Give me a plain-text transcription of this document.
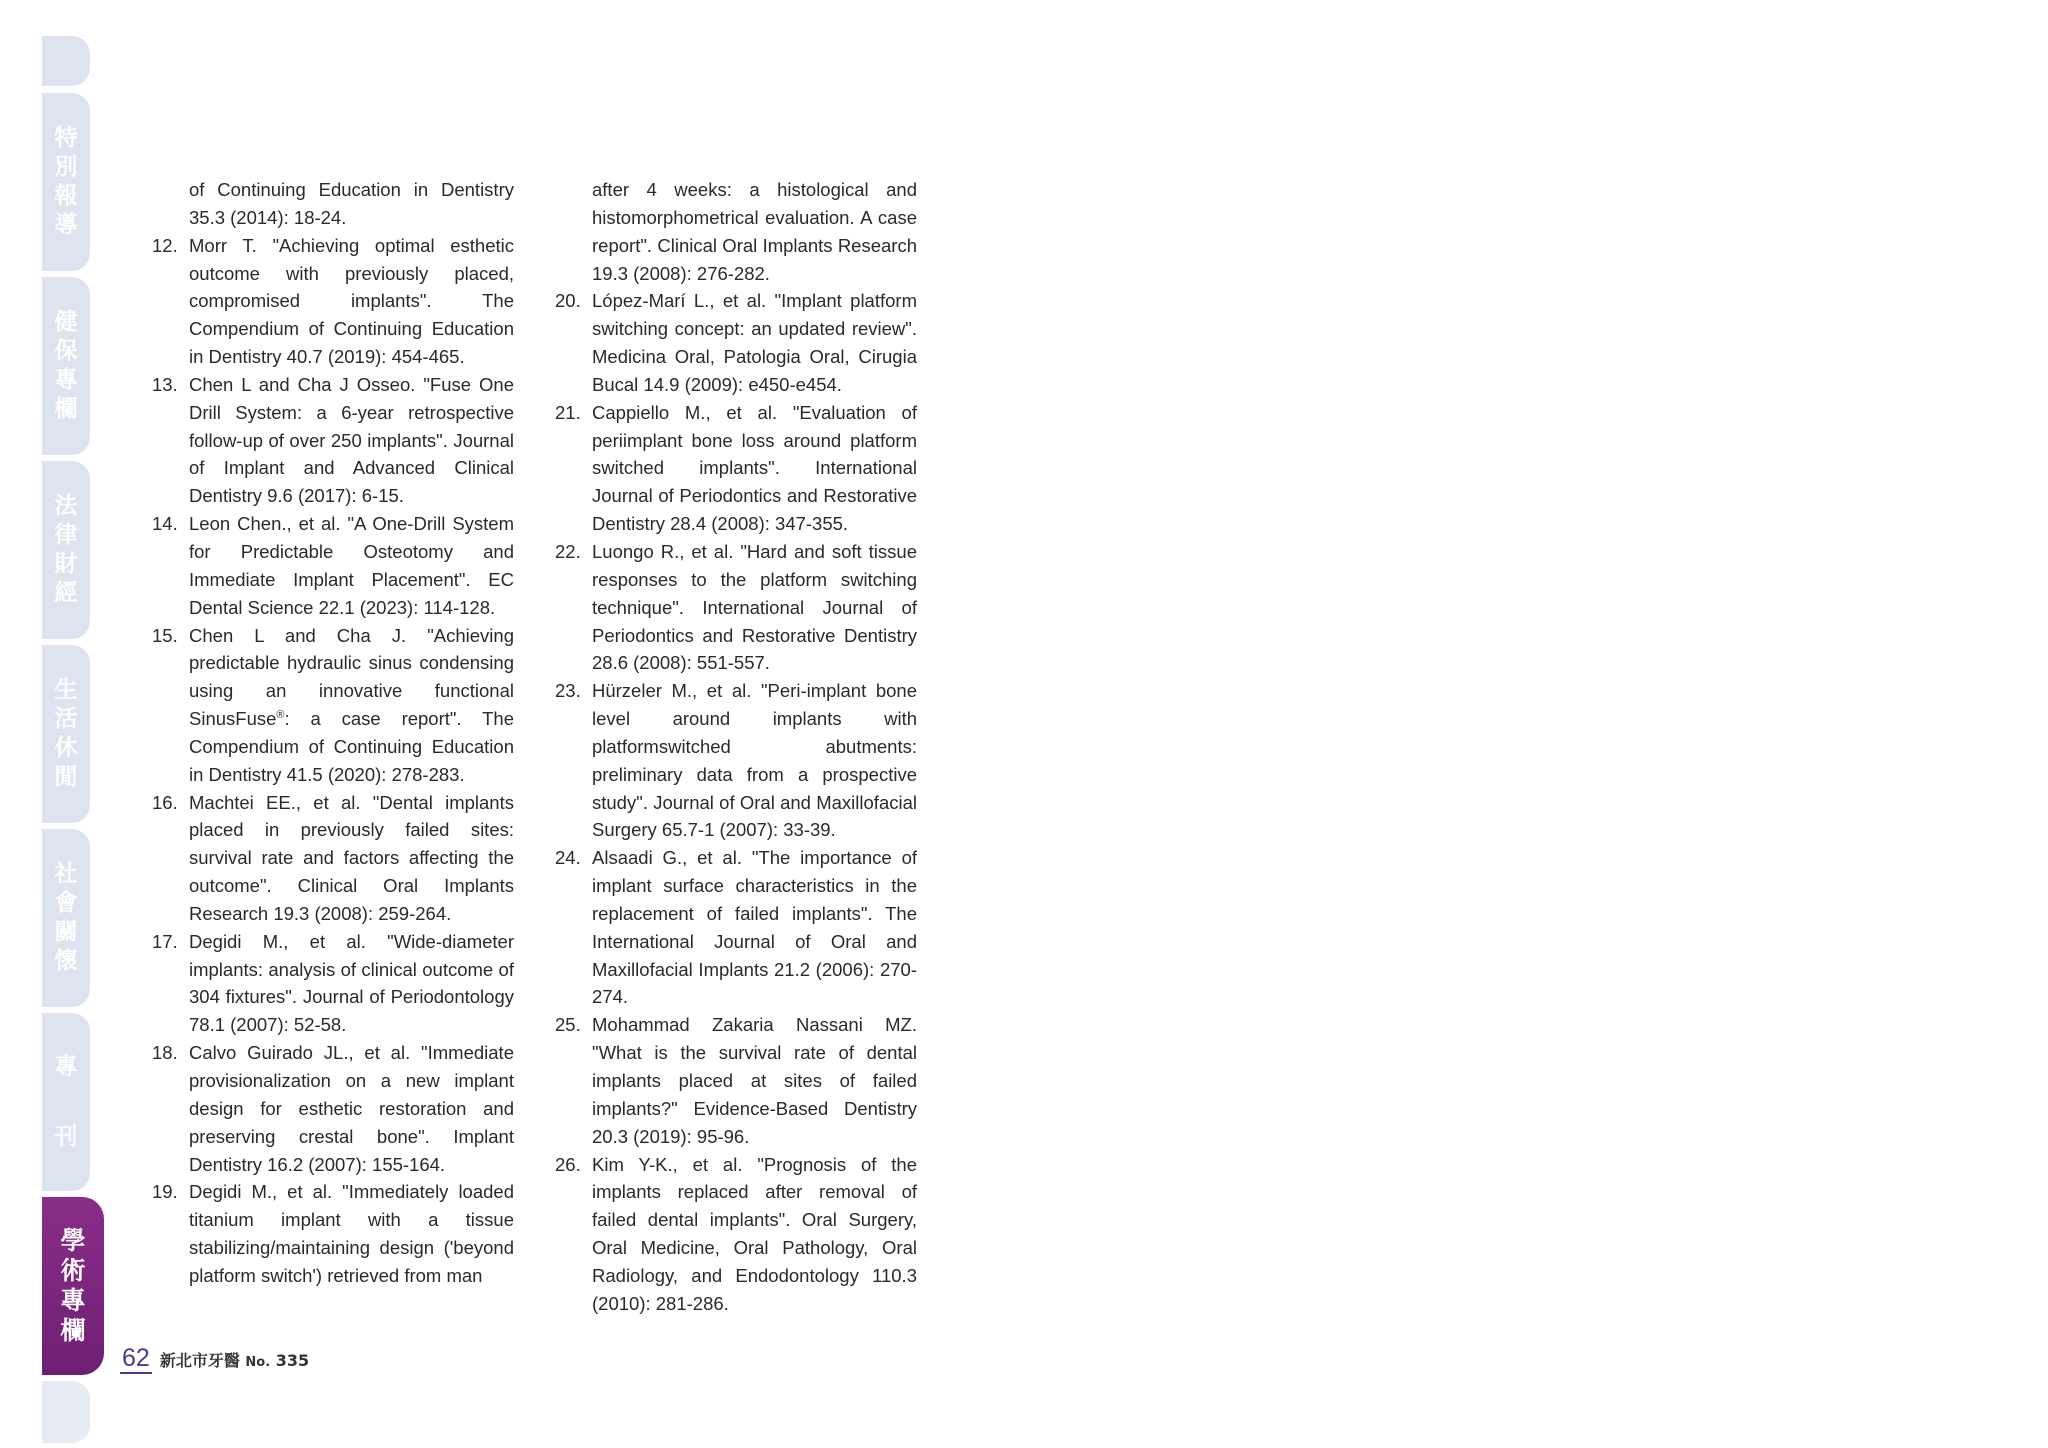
特別報導
健保專欄
法律財經
生活休閒
社會關懷
專刊
學術專欄

of Continuing Education in Dentistry 35.3 (2014): 18-24.

12. Morr T. "Achieving optimal esthetic outcome with previously placed, compromised implants". The Compendium of Continuing Education in Dentistry 40.7 (2019): 454-465.

13. Chen L and Cha J Osseo. "Fuse One Drill System: a 6-year retrospective follow-up of over 250 implants". Journal of Implant and Advanced Clinical Dentistry 9.6 (2017): 6-15.

14. Leon Chen., et al. "A One-Drill System for Predictable Osteotomy and Immediate Implant Placement". EC Dental Science 22.1 (2023): 114-128.

15. Chen L and Cha J. "Achieving predictable hydraulic sinus condensing using an innovative functional SinusFuse®: a case report". The Compendium of Continuing Education in Dentistry 41.5 (2020): 278-283.

16. Machtei EE., et al. "Dental implants placed in previously failed sites: survival rate and factors affecting the outcome". Clinical Oral Implants Research 19.3 (2008): 259-264.

17. Degidi M., et al. "Wide-diameter implants: analysis of clinical outcome of 304 fixtures". Journal of Periodontology 78.1 (2007): 52-58.

18. Calvo Guirado JL., et al. "Immediate provisionalization on a new implant design for esthetic restoration and preserving crestal bone". Implant Dentistry 16.2 (2007): 155-164.

19. Degidi M., et al. "Immediately loaded titanium implant with a tissue stabilizing/maintaining design ('beyond platform switch') retrieved from man

after 4 weeks: a histological and histomorphometrical evaluation. A case report". Clinical Oral Implants Research 19.3 (2008): 276-282.

20. López-Marí L., et al. "Implant platform switching concept: an updated review". Medicina Oral, Patologia Oral, Cirugia Bucal 14.9 (2009): e450-e454.

21. Cappiello M., et al. "Evaluation of periimplant bone loss around platform switched implants". International Journal of Periodontics and Restorative Dentistry 28.4 (2008): 347-355.

22. Luongo R., et al. "Hard and soft tissue responses to the platform switching technique". International Journal of Periodontics and Restorative Dentistry 28.6 (2008): 551-557.

23. Hürzeler M., et al. "Peri-implant bone level around implants with platformswitched abutments: preliminary data from a prospective study". Journal of Oral and Maxillofacial Surgery 65.7-1 (2007): 33-39.

24. Alsaadi G., et al. "The importance of implant surface characteristics in the replacement of failed implants". The International Journal of Oral and Maxillofacial Implants 21.2 (2006): 270-274.

25. Mohammad Zakaria Nassani MZ. "What is the survival rate of dental implants placed at sites of failed implants?" Evidence-Based Dentistry 20.3 (2019): 95-96.

26. Kim Y-K., et al. "Prognosis of the implants replaced after removal of failed dental implants". Oral Surgery, Oral Medicine, Oral Pathology, Oral Radiology, and Endodontology 110.3 (2010): 281-286.

62 新北市牙醫 No. 335
